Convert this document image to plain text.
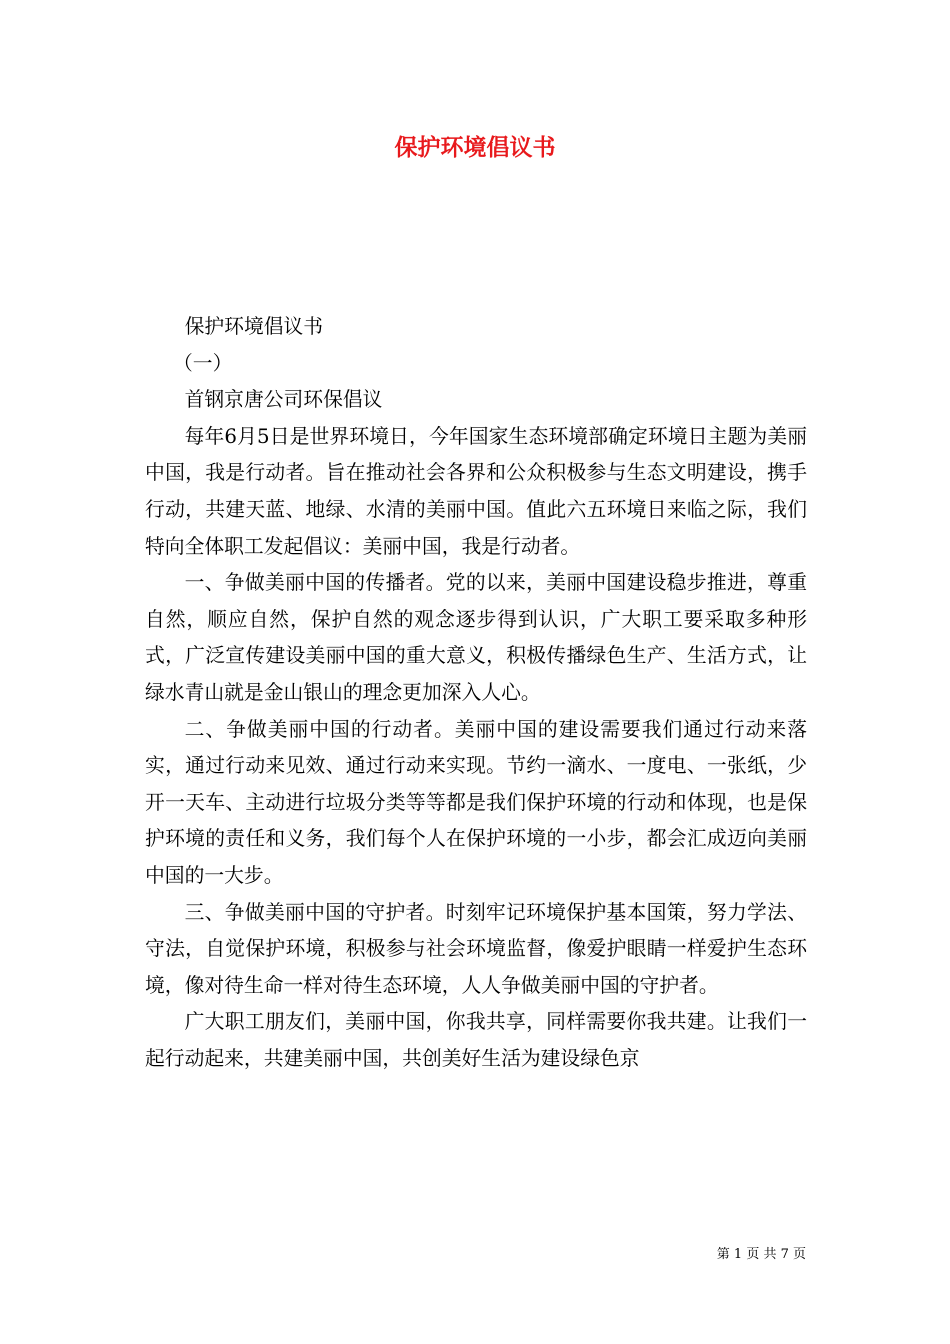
保护环境倡议书

保护环境倡议书

（一）

首钢京唐公司环保倡议

每年6月5日是世界环境日，今年国家生态环境部确定环境日主题为美丽中国，我是行动者。旨在推动社会各界和公众积极参与生态文明建设，携手行动，共建天蓝、地绿、水清的美丽中国。值此六五环境日来临之际，我们特向全体职工发起倡议：美丽中国，我是行动者。

一、争做美丽中国的传播者。党的以来，美丽中国建设稳步推进，尊重自然，顺应自然，保护自然的观念逐步得到认识，广大职工要采取多种形式，广泛宣传建设美丽中国的重大意义，积极传播绿色生产、生活方式，让绿水青山就是金山银山的理念更加深入人心。

二、争做美丽中国的行动者。美丽中国的建设需要我们通过行动来落实，通过行动来见效、通过行动来实现。节约一滴水、一度电、一张纸，少开一天车、主动进行垃圾分类等等都是我们保护环境的行动和体现，也是保护环境的责任和义务，我们每个人在保护环境的一小步，都会汇成迈向美丽中国的一大步。

三、争做美丽中国的守护者。时刻牢记环境保护基本国策，努力学法、守法，自觉保护环境，积极参与社会环境监督，像爱护眼睛一样爱护生态环境，像对待生命一样对待生态环境，人人争做美丽中国的守护者。

广大职工朋友们，美丽中国，你我共享，同样需要你我共建。让我们一起行动起来，共建美丽中国，共创美好生活为建设绿色京

第 1 页 共 7 页
